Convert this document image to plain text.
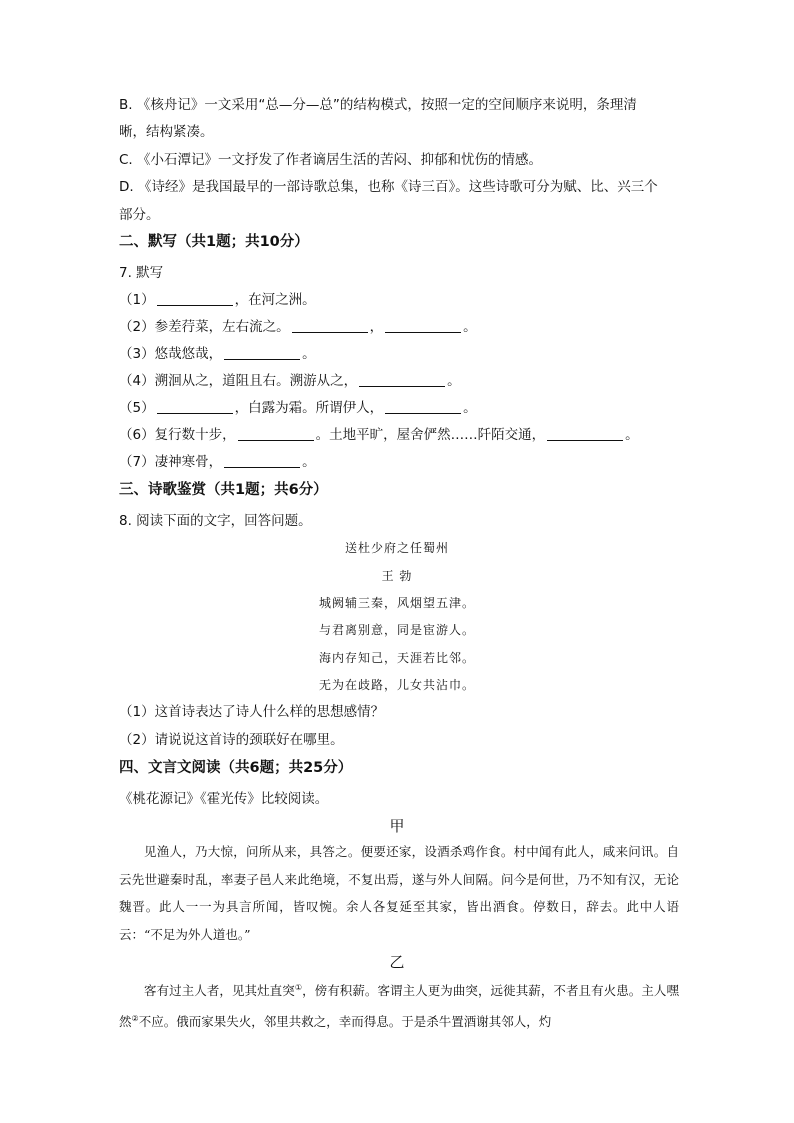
B. 《核舟记》一文采用“总—分—总”的结构模式，按照一定的空间顺序来说明，条理清
晰，结构紧凑。
C. 《小石潭记》一文抒发了作者谪居生活的苦闷、抑郁和忧伤的情感。
D. 《诗经》是我国最早的一部诗歌总集，也称《诗三百》。这些诗歌可分为赋、比、兴三个
部分。
二、默写（共1题；共10分）
7. 默写
（1）	，在河之洲。
（2）参差荇菜，左右流之。	，	。
（3）悠哉悠哉，	。
（4）溯洄从之，道阻且右。溯游从之，	。
（5）	，白露为霜。所谓伊人，	。
（6）复行数十步，	。土地平旷，屋舍俨然……阡陌交通，	。
（7）凄神寒骨，	。
三、诗歌鉴赏（共1题；共6分）
8. 阅读下面的文字，回答问题。
送杜少府之任蜀州
王 勃
城阙辅三秦，风烟望五津。
与君离别意，同是宦游人。
海内存知己，天涯若比邻。
无为在歧路，儿女共沾巾。
（1）这首诗表达了诗人什么样的思想感情？
（2）请说说这首诗的颈联好在哪里。
四、文言文阅读（共6题；共25分）
《桃花源记》《霍光传》比较阅读。
甲

见渔人，乃大惊，问所从来，具答之。便要还家，设酒杀鸡作食。村中闻有此人，咸来问讯。自云先世避秦时乱，率妻子邑人来此绝境，不复出焉，遂与外人间隔。问今是何世，乃不知有汉，无论魏晋。此人一一为具言所闻，皆叹惋。余人各复延至其家，皆出酒食。停数日，辞去。此中人语云：“不足为外人道也。”

乙

客有过主人者，见其灶直突①，傍有积薪。客谓主人更为曲突，远徙其薪，不者且有火患。主人嘿然②不应。俄而家果失火，邻里共救之，幸而得息。于是杀牛置酒谢其邻人，灼
